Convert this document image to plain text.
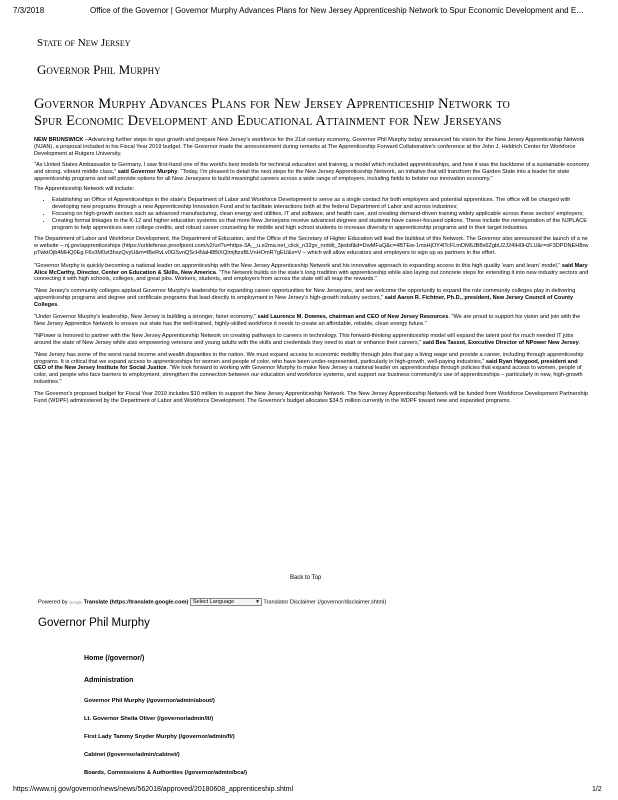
7/3/2018	Office of the Governor | Governor Murphy Advances Plans for New Jersey Apprenticeship Network to Spur Economic Development and E…
State of New Jersey
Governor Phil Murphy
Governor Murphy Advances Plans for New Jersey Apprenticeship Network to
Spur Economic Development and Educational Attainment for New Jerseyans

NEW BRUNSWICK –Advancing further steps to spur growth and prepare New Jersey's workforce for the 21st century economy, Governor Phil Murphy today announced his vision for the New Jersey Apprenticeship Network (NJAN), a proposal included in his Fiscal Year 2019 budget. The Governor made the announcement during remarks at The Apprenticeship Forward Collaborative's conference at the John J. Heldrich Center for Workforce Development at Rutgers University.

"As United States Ambassador to Germany, I saw first-hand one of the world's best models for technical education and training, a model which included apprenticeships, and how it was the backbone of a sustainable economy and strong, vibrant middle class," said Governor Murphy. "Today, I'm pleased to detail the next steps for the New Jersey Apprenticeship Network, an initiative that will transform the Garden State into a leader for state apprenticeship programs and will provide options for all New Jerseyans to build meaningful careers across a wide range of employers, including fields to bolster our innovation economy."

The Apprenticeship Network will include:

• Establishing an Office of Apprenticeships in the state's Department of Labor and Workforce Development to serve as a single contact for both employers and potential apprentices. The office will be charged with developing new programs through a new Apprenticeship Innovation Fund and to facilitate interactions both at the federal Department of Labor and across industries;
• Focusing on high-growth sectors such as advanced manufacturing, clean energy and utilities, IT and software, and health care, and creating demand-driven training widely applicable across these sectors' employers;
• Creating formal linkages to the K-12 and higher education systems so that more New Jerseyans receive advanced degrees and students have career-focused options. These include the reinvigoration of the NJPLACE program to help apprentices earn college credits, and robust career counseling for middle and high school students to increase diversity in apprenticeship programs and in their target industries.

The Department of Labor and Workforce Development, the Department of Education, and the Office of the Secretary of Higher Education will lead the buildout of this Network. The Governor also announced the launch of a new website – nj.gov/apprenticeships (https://urldefense.proofpoint.com/v2/url?u=https-3A__u.e2ma.net_click_n32gv_nrddit_3jedsf&d=DwMFaQ&c=4BTEw-1msHjOY4lTcFLmDM6JB8x6ZgbU2J24IH0HZLU&r=xF3DPDNEH8rwpTwktOjb4MHQ0Eg F6v3M0zt3hszQvyU&m=lBeRvLv0GSvnQScHNaH8BiXQImjftzxBLVnHOmR7gEU&s=V – which will allow educators and employers to sign up as partners in the effort.

"Governor Murphy is quickly becoming a national leader on apprenticeship with the New Jersey Apprenticeship Network and his innovative approach to expanding access to this high quality 'earn and learn' model," said Mary Alice McCarthy, Director, Center on Education & Skills, New America. "The Network builds on the state's long tradition with apprenticeship while also laying out concrete steps for extending it into new industry sectors and connecting it with high schools, colleges, and great jobs. Workers, students, and employers from across the state will all reap the rewards."

"New Jersey's community colleges applaud Governor Murphy's leadership for expanding career opportunities for New Jerseyans, and we welcome the opportunity to expand the role community colleges play in delivering apprenticeship programs and degree and certificate programs that lead directly to employment in New Jersey's high-growth industry sectors," said Aaron R. Fichtner, Ph.D., president, New Jersey Council of County Colleges.

"Under Governor Murphy's leadership, New Jersey is building a stronger, fairer economy," said Laurence M. Downes, chairman and CEO of New Jersey Resources. "We are proud to support his vision and join with the New Jersey Apprentice Network to ensure our state has the well-trained, highly-skilled workforce it needs to create an affordable, reliable, clean energy future."

"NPower is honored to partner with the New Jersey Apprenticeship Network on creating pathways to careers in technology. This forward-thinking apprenticeship model will expand the talent pool for much needed IT jobs around the state of New Jersey while also empowering veterans and young adults with the skills and credentials they need to start or enhance their careers," said Bea Tassot, Executive Director of NPower New Jersey.

"New Jersey has some of the worst racial income and wealth disparities in the nation. We must expand access to economic mobility through jobs that pay a living wage and provide a career, including through apprenticeship programs. It is critical that we expand access to apprenticeships for women and people of color, who have been under-represented, particularly in high-growth, well-paying industries," said Ryan Haygood, president and CEO of the New Jersey Institute for Social Justice. "We look forward to working with Governor Murphy to make New Jersey a national leader on apprenticeships through policies that expand access to women, people of color, and people who face barriers to employment, strengthen the connection between our education and workforce systems, and support our business community's use of apprenticeships – particularly in new, high-growth industries."

The Governor's proposed budget for Fiscal Year 2019 includes $10 million to support the New Jersey Apprenticeship Network. The New Jersey Apprenticeship Network will be funded from Workforce Development Partnership Fund (WDPF) administered by the Department of Labor and Workforce Development. The Governor's budget allocates $34.5 million currently in the WDPF toward new and expanded programs.

Back to Top
Powered by Google Translate (https://translate.google.com) Select Language	▾ Translator Disclaimer (/governor/disclaimer.shtml)
Governor Phil Murphy
Home (/governor/)
Administration
Governor Phil Murphy (/governor/admin/about/)
Lt. Governor Sheila Oliver (/governor/admin/lt/)
First Lady Tammy Snyder Murphy (/governor/admin/fl/)
Cabinet (/governor/admin/cabinet/)
Boards, Commissions & Authorities (/governor/admin/bca/)
https://www.nj.gov/governor/news/news/562018/approved/20180608_apprenticeship.shtml	1/2
